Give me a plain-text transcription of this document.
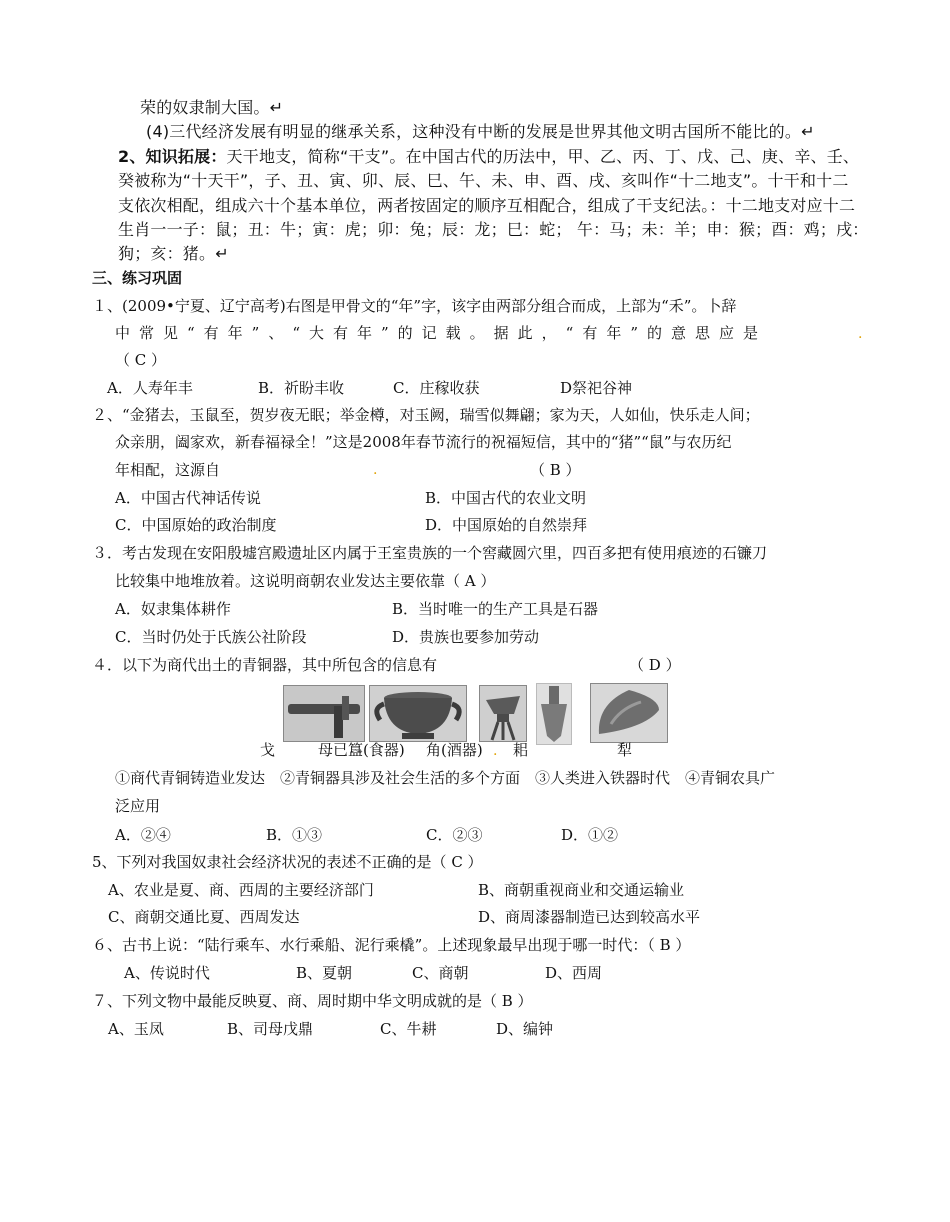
荣的奴隶制大国。↵
(4)三代经济发展有明显的继承关系，这种没有中断的发展是世界其他文明古国所不能比的。↵
2、知识拓展：天干地支，简称“干支”。在中国古代的历法中，甲、乙、丙、丁、戊、己、庚、辛、壬、
癸被称为“十天干”，子、丑、寅、卯、辰、巳、午、未、申、酉、戌、亥叫作“十二地支”。十干和十二
支依次相配，组成六十个基本单位，两者按固定的顺序互相配合，组成了干支纪法。：十二地支对应十二
生肖一一子：鼠；丑：牛；寅：虎；卯：兔；辰：龙；巳：蛇； 午：马；未：羊；申：猴；酉：鸡；戌：
狗；亥：猪。↵
三、练习巩固
１、(2009•宁夏、辽宁高考)右图是甲骨文的“年”字，该字由两部分组合而成，上部为“禾”。卜辞
中常见“有年”、“大有年”的记载。据此，“有年”的意思应是	.
（ C ）
A．人寿年丰	B．祈盼丰收	C．庄稼收获	D祭祀谷神
２、“金猪去，玉鼠至，贺岁夜无眠；举金樽，对玉阙，瑞雪似舞翩；家为天，人如仙，快乐走人间；
众亲朋，阖家欢，新春福禄全！”这是2008年春节流行的祝福短信，其中的“猪”“鼠”与农历纪
年相配，这源自	.	（ B ）
A．中国古代神话传说	B．中国古代的农业文明
C．中国原始的政治制度	D．中国原始的自然崇拜
３．考古发现在安阳殷墟宫殿遗址区内属于王室贵族的一个窖藏圆穴里，四百多把有使用痕迹的石镰刀
比较集中地堆放着。这说明商朝农业发达主要依靠（ A ）
A．奴隶集体耕作	B．当时唯一的生产工具是石器
C．当时仍处于氏族公社阶段	D．贵族也要参加劳动
４．以下为商代出土的青铜器，其中所包含的信息有	（ D ）
戈	母已簋(食器) 角(酒器) . 耜	犁
①商代青铜铸造业发达　②青铜器具涉及社会生活的多个方面　③人类进入铁器时代　④青铜农具广
泛应用
A．②④	B．①③	C．②③	D．①②
5、下列对我国奴隶社会经济状况的表述不正确的是（ C ）
A、农业是夏、商、西周的主要经济部门	B、商朝重视商业和交通运输业
C、商朝交通比夏、西周发达	D、商周漆器制造已达到较高水平
６、古书上说：“陆行乘车、水行乘船、泥行乘橇”。上述现象最早出现于哪一时代：（ B ）
A、传说时代	B、夏朝	C、商朝	D、西周
７、下列文物中最能反映夏、商、周时期中华文明成就的是（ B ）
A、玉凤	B、司母戊鼎	C、牛耕	D、编钟
